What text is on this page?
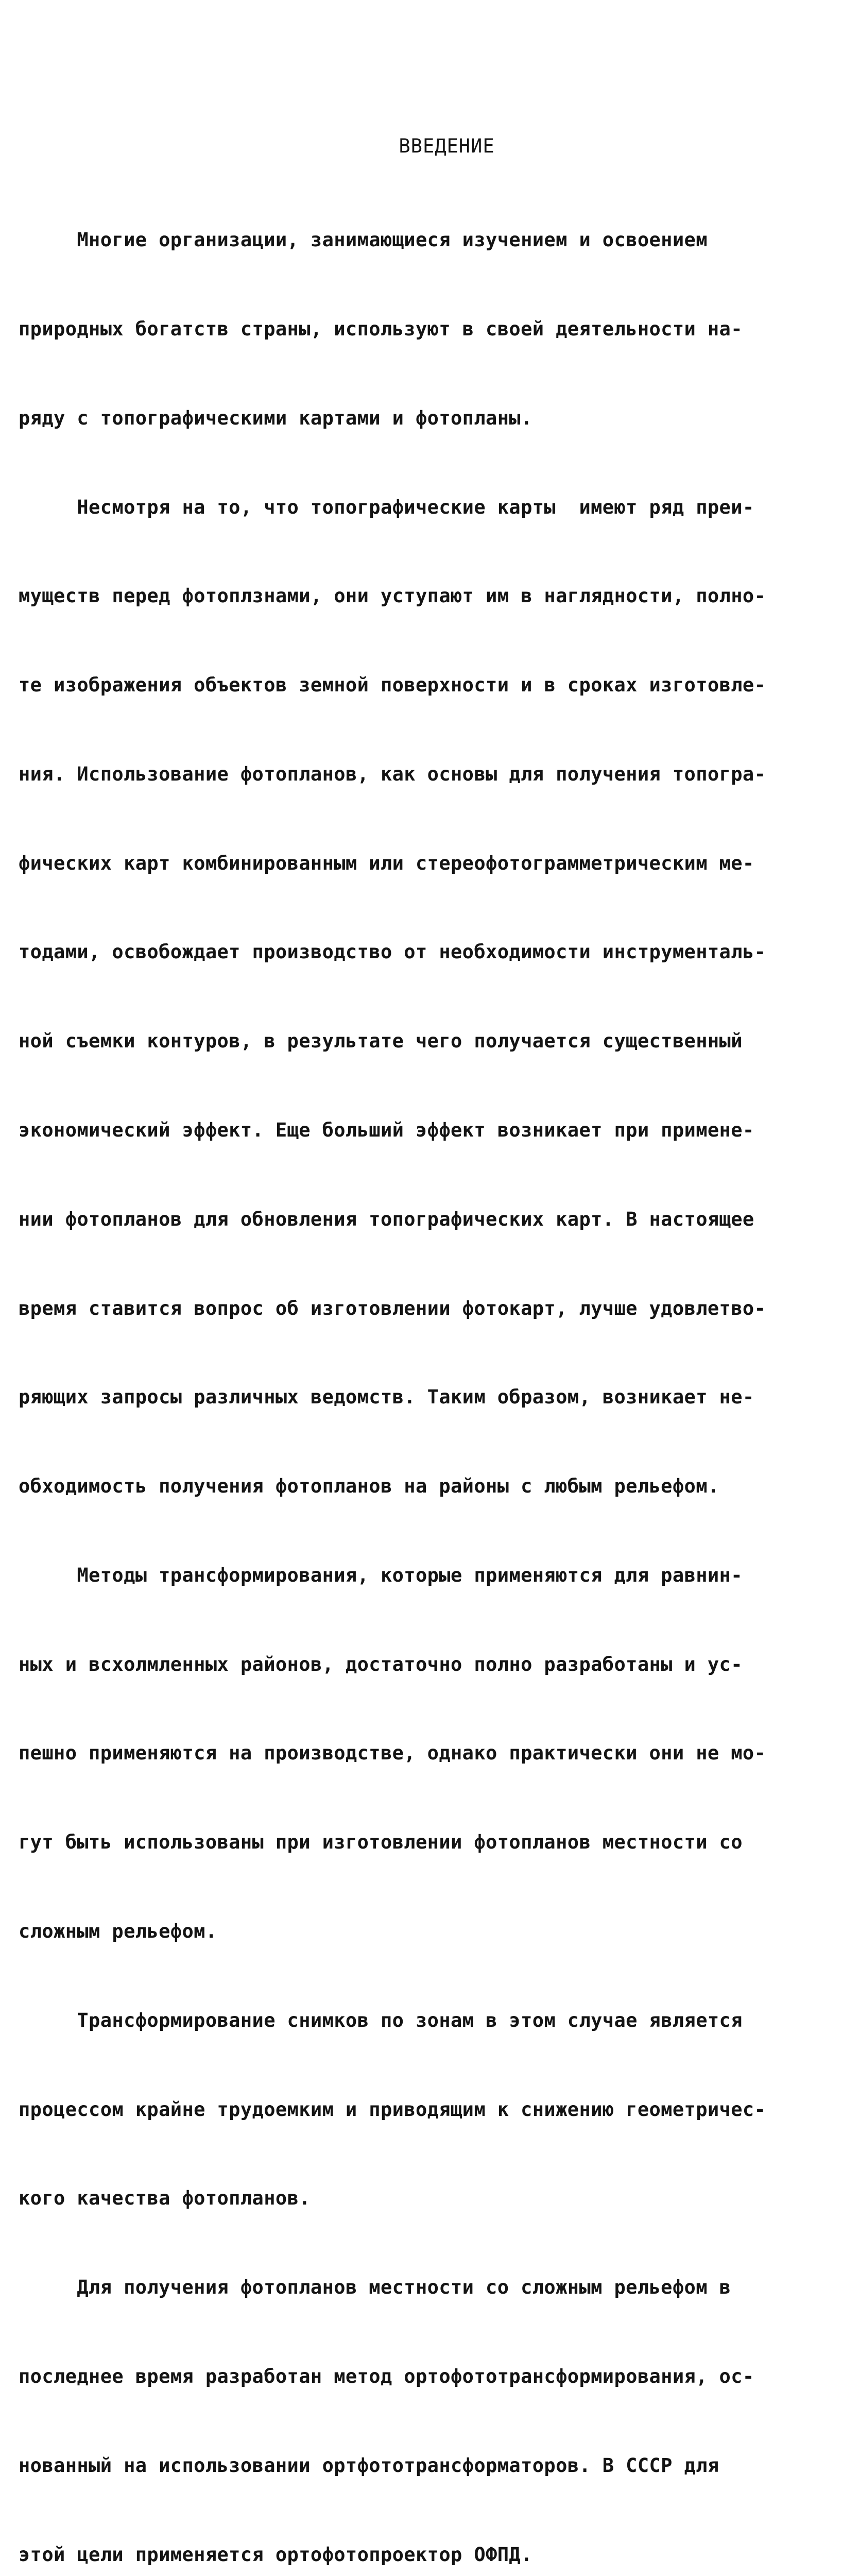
ВВЕДЕНИЕ

Многие организации, занимающиеся изучением и освоением

природных богатств страны, используют в своей деятельности на-

ряду с топографическими картами и фотопланы.

Несмотря на то, что топографические карты  имеют ряд преи-

муществ перед фотоплзнами, они уступают им в наглядности, полно-

те изображения объектов земной поверхности и в сроках изготовле-

ния. Использование фотопланов, как основы для получения топогра-

фических карт комбинированным или стереофотограмметрическим ме-

тодами, освобождает производство от необходимости инструменталь-

ной съемки контуров, в результате чего получается существенный

экономический эффект. Еще больший эффект возникает при примене-

нии фотопланов для обновления топографических карт. В настоящее

время ставится вопрос об изготовлении фотокарт, лучше удовлетво-

ряющих запросы различных ведомств. Таким образом, возникает не-

обходимость получения фотопланов на районы с любым рельефом.

Методы трансформирования, которые применяются для равнин-

ных и всхолмленных районов, достаточно полно разработаны и ус-

пешно применяются на производстве, однако практически они не мо-

гут быть использованы при изготовлении фотопланов местности со

сложным рельефом.

Трансформирование снимков по зонам в этом случае является

процессом крайне трудоемким и приводящим к снижению геометричес-

кого качества фотопланов.

Для получения фотопланов местности со сложным рельефом в

последнее время разработан метод ортофототрансформирования, ос-

нованный на использовании ортфототрансформаторов. В СССР для

этой цели применяется ортофотопроектор ОФПД.
